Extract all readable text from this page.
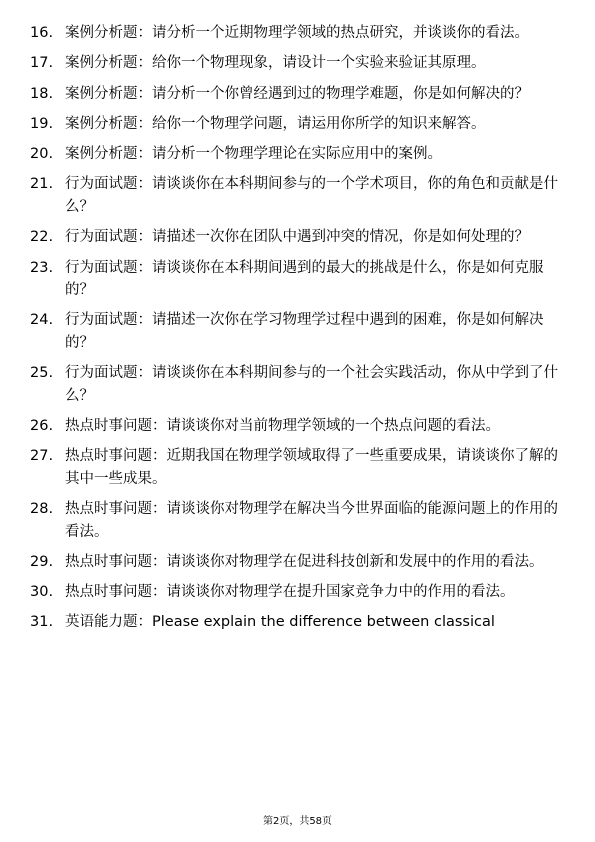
16. 案例分析题：请分析一个近期物理学领域的热点研究，并谈谈你的看法。
17. 案例分析题：给你一个物理现象，请设计一个实验来验证其原理。
18. 案例分析题：请分析一个你曾经遇到过的物理学难题，你是如何解决的？
19. 案例分析题：给你一个物理学问题，请运用你所学的知识来解答。
20. 案例分析题：请分析一个物理学理论在实际应用中的案例。
21. 行为面试题：请谈谈你在本科期间参与的一个学术项目，你的角色和贡献是什么？
22. 行为面试题：请描述一次你在团队中遇到冲突的情况，你是如何处理的？
23. 行为面试题：请谈谈你在本科期间遇到的最大的挑战是什么，你是如何克服的？
24. 行为面试题：请描述一次你在学习物理学过程中遇到的困难，你是如何解决的？
25. 行为面试题：请谈谈你在本科期间参与的一个社会实践活动，你从中学到了什么？
26. 热点时事问题：请谈谈你对当前物理学领域的一个热点问题的看法。
27. 热点时事问题：近期我国在物理学领域取得了一些重要成果，请谈谈你了解的其中一些成果。
28. 热点时事问题：请谈谈你对物理学在解决当今世界面临的能源问题上的作用的看法。
29. 热点时事问题：请谈谈你对物理学在促进科技创新和发展中的作用的看法。
30. 热点时事问题：请谈谈你对物理学在提升国家竞争力中的作用的看法。
31. 英语能力题：Please explain the difference between classical
第2页，共58页
